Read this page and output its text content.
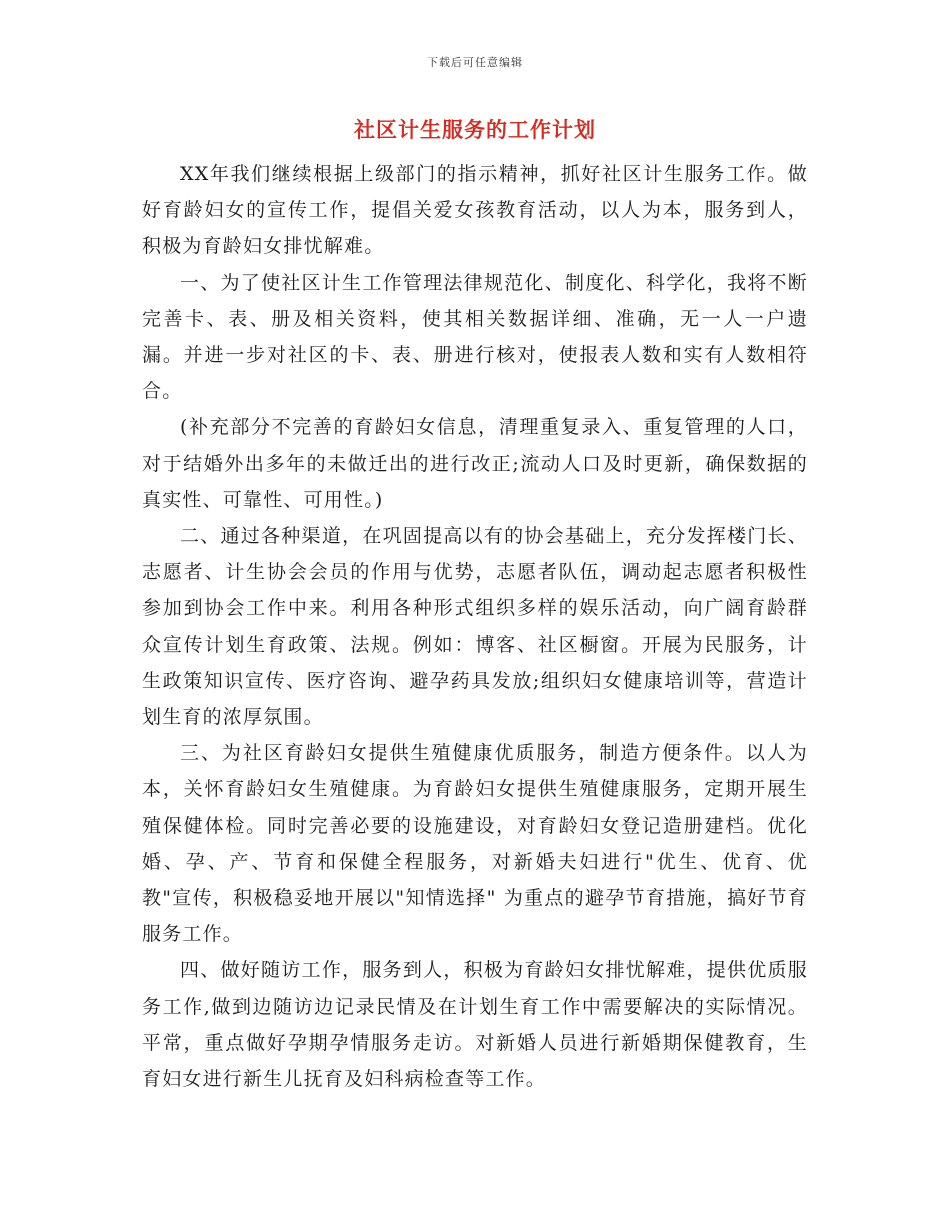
下载后可任意编辑
社区计生服务的工作计划

XX年我们继续根据上级部门的指示精神，抓好社区计生服务工作。做好育龄妇女的宣传工作，提倡关爱女孩教育活动，以人为本，服务到人，积极为育龄妇女排忧解难。

一、为了使社区计生工作管理法律规范化、制度化、科学化，我将不断完善卡、表、册及相关资料，使其相关数据详细、准确，无一人一户遗漏。并进一步对社区的卡、表、册进行核对，使报表人数和实有人数相符合。

(补充部分不完善的育龄妇女信息，清理重复录入、重复管理的人口，对于结婚外出多年的未做迁出的进行改正;流动人口及时更新，确保数据的真实性、可靠性、可用性。)

二、通过各种渠道，在巩固提高以有的协会基础上，充分发挥楼门长、志愿者、计生协会会员的作用与优势，志愿者队伍，调动起志愿者积极性参加到协会工作中来。利用各种形式组织多样的娱乐活动，向广阔育龄群众宣传计划生育政策、法规。例如：博客、社区橱窗。开展为民服务，计生政策知识宣传、医疗咨询、避孕药具发放;组织妇女健康培训等，营造计划生育的浓厚氛围。

三、为社区育龄妇女提供生殖健康优质服务，制造方便条件。以人为本，关怀育龄妇女生殖健康。为育龄妇女提供生殖健康服务，定期开展生殖保健体检。同时完善必要的设施建设，对育龄妇女登记造册建档。优化婚、孕、产、节育和保健全程服务，对新婚夫妇进行"优生、优育、优教"宣传，积极稳妥地开展以"知情选择" 为重点的避孕节育措施，搞好节育服务工作。

四、做好随访工作，服务到人，积极为育龄妇女排忧解难，提供优质服务工作,做到边随访边记录民情及在计划生育工作中需要解决的实际情况。平常，重点做好孕期孕情服务走访。对新婚人员进行新婚期保健教育，生育妇女进行新生儿抚育及妇科病检查等工作。
